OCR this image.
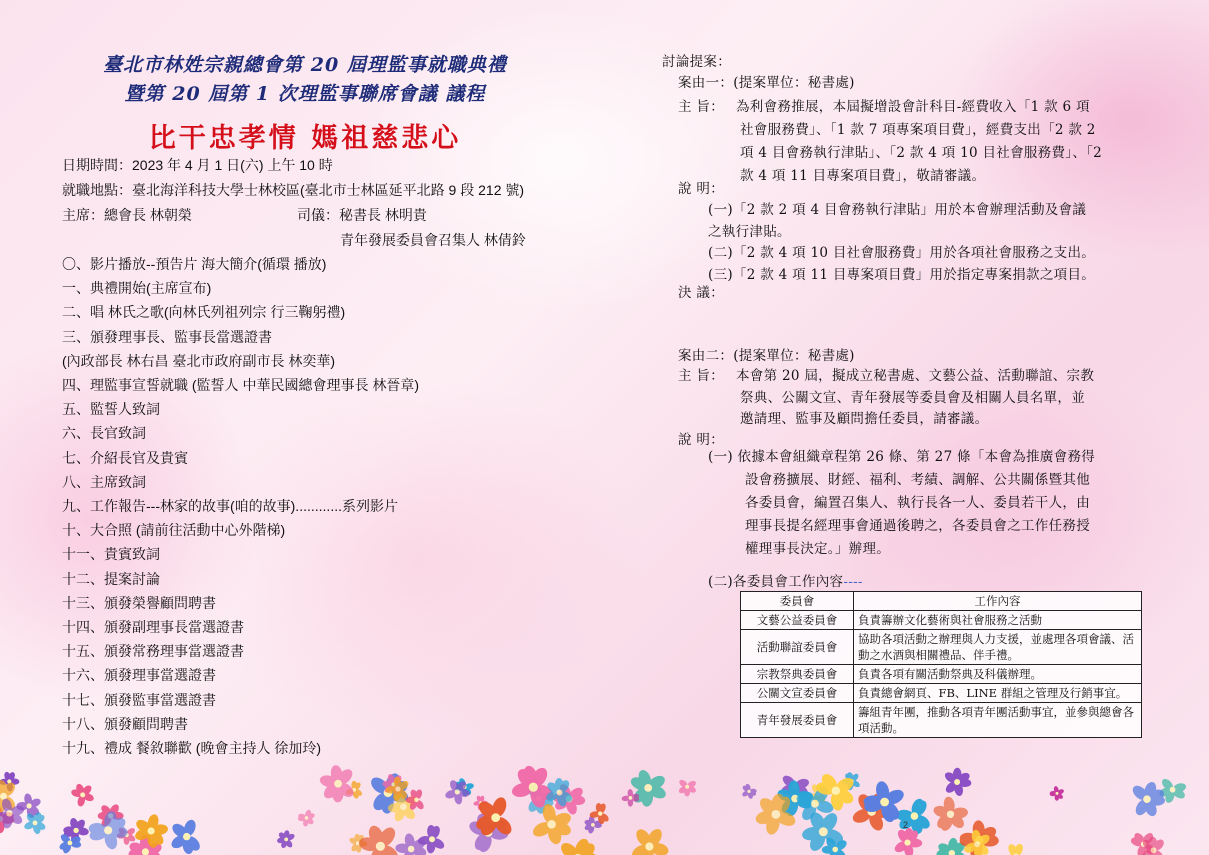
臺北市林姓宗親總會第 20 屆理監事就職典禮
暨第 20 屆第 1 次理監事聯席會議 議程
比干忠孝情 媽祖慈悲心
日期時間：2023 年 4 月 1 日(六) 上午 10 時
就職地點：臺北海洋科技大學士林校區(臺北市士林區延平北路 9 段 212 號)
主席：總會長 林朝榮	司儀：秘書長 林明貴
青年發展委員會召集人 林倩鈴
〇、影片播放--預告片 海大簡介(循環 播放)
一、典禮開始(主席宣布)
二、唱 林氏之歌(向林氏列祖列宗 行三鞠躬禮)
三、頒發理事長、監事長當選證書
(內政部長 林右昌 臺北市政府副市長 林奕華)
四、理監事宣誓就職 (監誓人 中華民國總會理事長 林晉章)
五、監誓人致詞
六、長官致詞
七、介紹長官及貴賓
八、主席致詞
九、工作報告---林家的故事(咱的故事)............系列影片
十、大合照 (請前往活動中心外階梯)
十一、貴賓致詞
十二、提案討論
十三、頒發榮譽顧問聘書
十四、頒發副理事長當選證書
十五、頒發常務理事當選證書
十六、頒發理事當選證書
十七、頒發監事當選證書
十八、頒發顧問聘書
十九、禮成 餐敘聯歡 (晚會主持人 徐加玲)
討論提案：
案由一：(提案單位：秘書處)
主 旨： 為利會務推展，本屆擬增設會計科目-經費收入「1 款 6 項
社會服務費」、「1 款 7 項專案項目費」，經費支出「2 款 2
項 4 目會務執行津貼」、「2 款 4 項 10 目社會服務費」、「2
款 4 項 11 目專案項目費」，敬請審議。
說 明：
(一)「2 款 2 項 4 目會務執行津貼」用於本會辦理活動及會議
之執行津貼。
(二)「2 款 4 項 10 目社會服務費」用於各項社會服務之支出。
(三)「2 款 4 項 11 目專案項目費」用於指定專案捐款之項目。
決 議：
案由二：(提案單位：秘書處)
主 旨： 本會第 20 屆，擬成立秘書處、文藝公益、活動聯誼、宗教
祭典、公關文宣、青年發展等委員會及相關人員名單，並
邀請理、監事及顧問擔任委員，請審議。
說 明：
(一) 依據本會組織章程第 26 條、第 27 條「本會為推廣會務得
設會務擴展、財經、福利、考績、調解、公共關係暨其他
各委員會，編置召集人、執行長各一人、委員若干人，由
理事長提名經理事會通過後聘之，各委員會之工作任務授
權理事長決定。」辦理。
(二)各委員會工作內容----
委員會	工作內容
文藝公益委員會	負責籌辦文化藝術與社會服務之活動
活動聯誼委員會	協助各項活動之辦理與人力支援，並處理各項會議、活動之水酒與相關禮品、伴手禮。
宗教祭典委員會	負責各項有關活動祭典及科儀辦理。
公關文宣委員會	負責總會網頁、FB、LINE 群組之管理及行銷事宜。
青年發展委員會	籌組青年團，推動各項青年團活動事宜，並參與總會各項活動。
2
